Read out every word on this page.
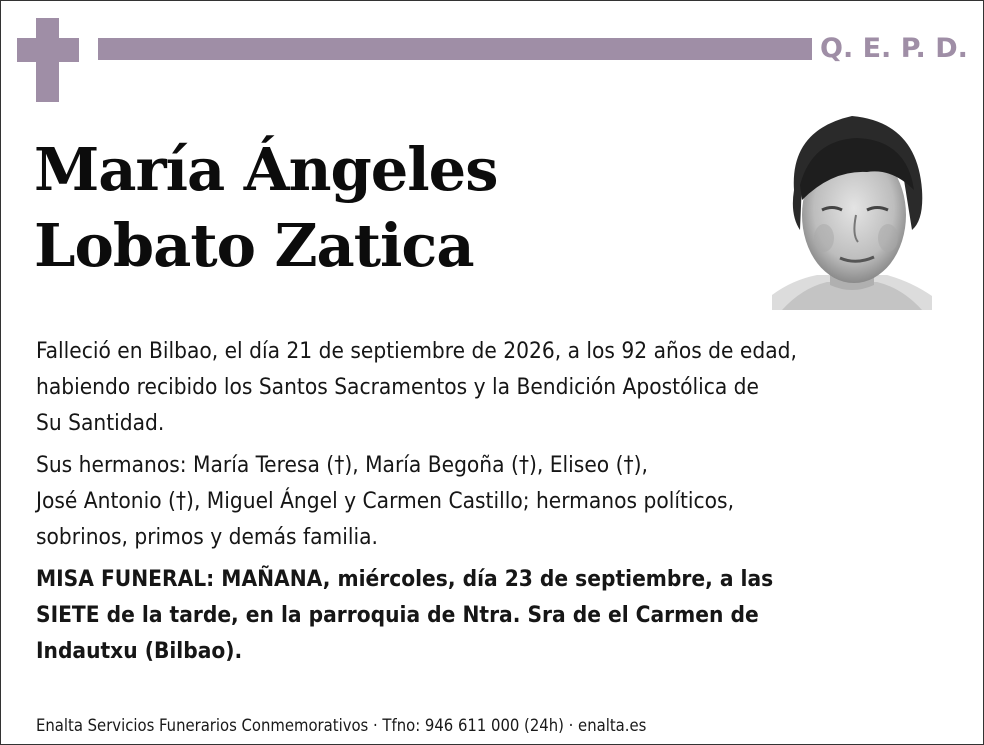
Q. E. P. D.
María Ángeles
Lobato Zatica

Falleció en Bilbao, el día 21 de septiembre de 2026, a los 92 años de edad,
habiendo recibido los Santos Sacramentos y la Bendición Apostólica de
Su Santidad.

Sus hermanos: María Teresa (†), María Begoña (†), Eliseo (†),
José Antonio (†), Miguel Ángel y Carmen Castillo; hermanos políticos,
sobrinos, primos y demás familia.

MISA FUNERAL: MAÑANA, miércoles, día 23 de septiembre, a las
SIETE de la tarde, en la parroquia de Ntra. Sra de el Carmen de
Indautxu (Bilbao).

Enalta Servicios Funerarios Conmemorativos · Tfno: 946 611 000 (24h) · enalta.es
